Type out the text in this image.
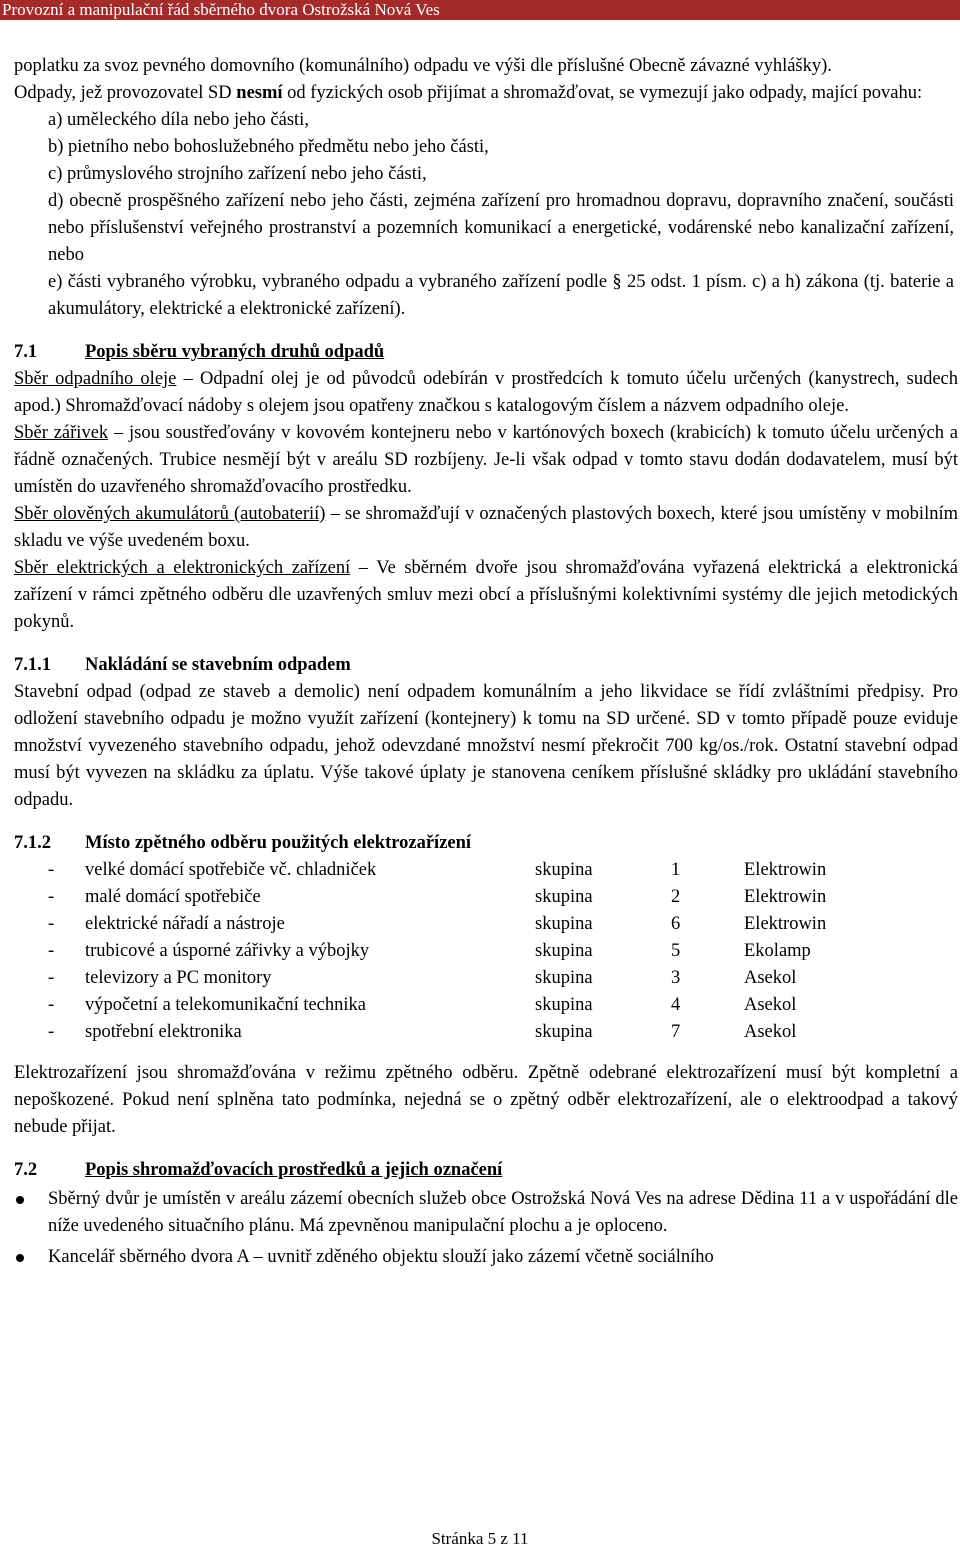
Provozní a manipulační řád sběrného dvora Ostrožská Nová Ves

poplatku za svoz pevného domovního (komunálního) odpadu ve výši dle příslušné Obecně závazné vyhlášky).

Odpady, jež provozovatel SD nesmí od fyzických osob přijímat a shromažďovat, se vymezují jako odpady, mající povahu:

a) uměleckého díla nebo jeho části,

b) pietního nebo bohoslužebného předmětu nebo jeho části,

c) průmyslového strojního zařízení nebo jeho části,

d) obecně prospěšného zařízení nebo jeho části, zejména zařízení pro hromadnou dopravu, dopravního značení, součásti nebo příslušenství veřejného prostranství a pozemních komunikací a energetické, vodárenské nebo kanalizační zařízení, nebo

e) části vybraného výrobku, vybraného odpadu a vybraného zařízení podle § 25 odst. 1 písm. c) a h) zákona (tj. baterie a akumulátory, elektrické a elektronické zařízení).

7.1	Popis sběru vybraných druhů odpadů

Sběr odpadního oleje – Odpadní olej je od původců odebírán v prostředcích k tomuto účelu určených (kanystrech, sudech apod.) Shromažďovací nádoby s olejem jsou opatřeny značkou s katalogovým číslem a názvem odpadního oleje.

Sběr zářivek – jsou soustřeďovány v kovovém kontejneru nebo v kartónových boxech (krabicích) k tomuto účelu určených a řádně označených. Trubice nesmějí být v areálu SD rozbíjeny. Je-li však odpad v tomto stavu dodán dodavatelem, musí být umístěn do uzavřeného shromažďovacího prostředku.

Sběr olověných akumulátorů (autobaterií) – se shromažďují v označených plastových boxech, které jsou umístěny v mobilním skladu ve výše uvedeném boxu.

Sběr elektrických a elektronických zařízení – Ve sběrném dvoře jsou shromažďována vyřazená elektrická a elektronická zařízení v rámci zpětného odběru dle uzavřených smluv mezi obcí a příslušnými kolektivními systémy dle jejich metodických pokynů.

7.1.1	Nakládání se stavebním odpadem

Stavební odpad (odpad ze staveb a demolic) není odpadem komunálním a jeho likvidace se řídí zvláštními předpisy. Pro odložení stavebního odpadu je možno využít zařízení (kontejnery) k tomu na SD určené. SD v tomto případě pouze eviduje množství vyvezeného stavebního odpadu, jehož odevzdané množství nesmí překročit 700 kg/os./rok. Ostatní stavební odpad musí být vyvezen na skládku za úplatu. Výše takové úplaty je stanovena ceníkem příslušné skládky pro ukládání stavebního odpadu.

7.1.2	Místo zpětného odběru použitých elektrozařízení
-	velké domácí spotřebiče vč. chladniček	skupina	1	Elektrowin
-	malé domácí spotřebiče	skupina	2	Elektrowin
-	elektrické nářadí a nástroje	skupina	6	Elektrowin
-	trubicové a úsporné zářivky a výbojky	skupina	5	Ekolamp
-	televizory a PC monitory	skupina	3	Asekol
-	výpočetní a telekomunikační technika	skupina	4	Asekol
-	spotřební elektronika	skupina	7	Asekol

Elektrozařízení jsou shromažďována v režimu zpětného odběru. Zpětně odebrané elektrozařízení musí být kompletní a nepoškozené. Pokud není splněna tato podmínka, nejedná se o zpětný odběr elektrozařízení, ale o elektroodpad a takový nebude přijat.

7.2	Popis shromažďovacích prostředků a jejich označení
Sběrný dvůr je umístěn v areálu zázemí obecních služeb obce Ostrožská Nová Ves na adrese Dědina 11 a v uspořádání dle níže uvedeného situačního plánu. Má zpevněnou manipulační plochu a je oploceno.
Kancelář sběrného dvora A – uvnitř zděného objektu slouží jako zázemí včetně sociálního
Stránka 5 z 11
